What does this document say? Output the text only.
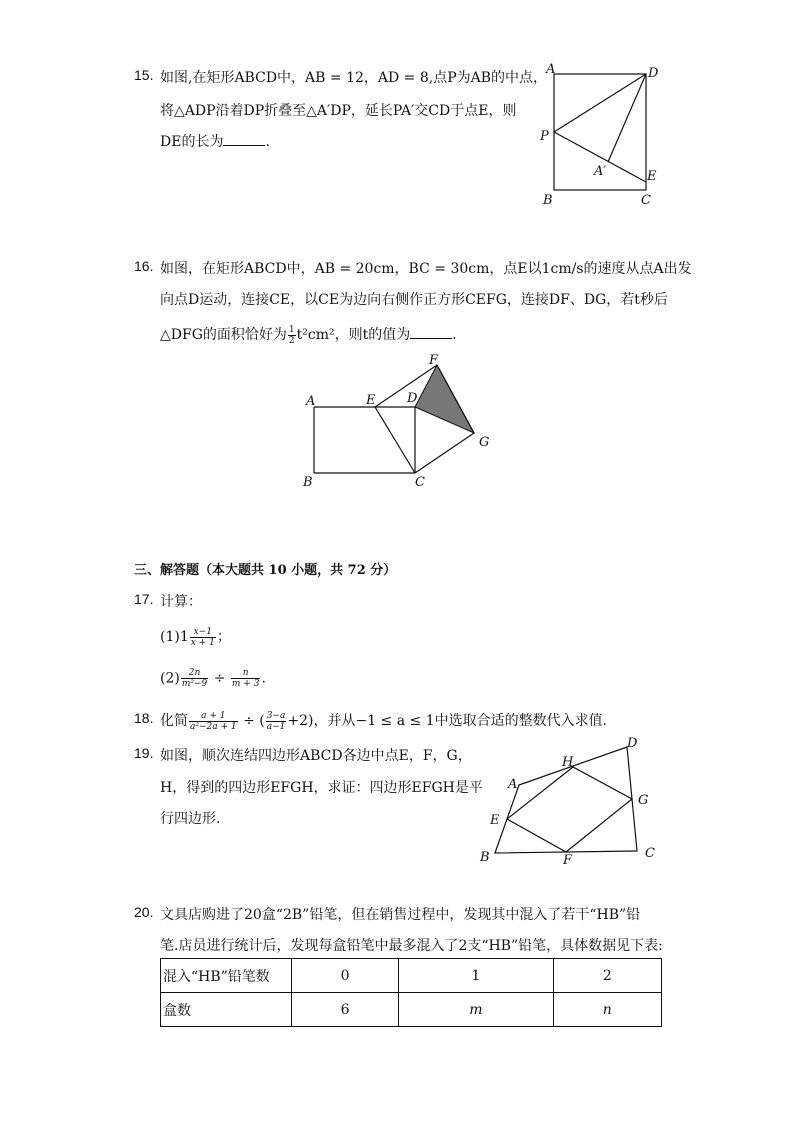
15. 如图,在矩形ABCD中，AB = 12，AD = 8,点P为AB的中点，
将△ADP沿着DP折叠至△A′DP，延长PA′交CD于点E，则
DE的长为	.
A	D
P
A′	E
B	C
16. 如图，在矩形ABCD中，AB = 20cm，BC = 30cm，点E以1cm/s的速度从点A出发
向点D运动，连接CE，以CE为边向右侧作正方形CEFG，连接DF、DG，若t秒后
△DFG的面积恰好为 $\frac{1}{2} t^2cm^2$，则t的值为	.
A	E D
F
G
B	C
三、解答题（本大题共 10 小题，共 72 分）
17. 计算：
$(1)1 \frac{x-1}{x + 1}$ ；
$(2) \frac{2n}{\text{m²−9}} \div \frac{n}{m + 3}$ .
18. 化简 $\frac{a + 1}{\text{a²−2a + 1}}$ ÷ ( $\frac{3-a}{a-1} +2$)，并从−1 ≤ a ≤ 1中选取合适的整数代入求值.
19. 如图，顺次连结四边形ABCD各边中点E，F，G，
H，得到的四边形EFGH，求证：四边形EFGH是平
行四边形.
A
D
H
G
E
B	F	C
20. 文具店购进了20盒“2B”铅笔，但在销售过程中，发现其中混入了若干“HB”铅
笔.店员进行统计后，发现每盒铅笔中最多混入了2支“HB”铅笔，具体数据见下表:
混入“HB”铅笔数	0	1	2
盒数	6	m	n
